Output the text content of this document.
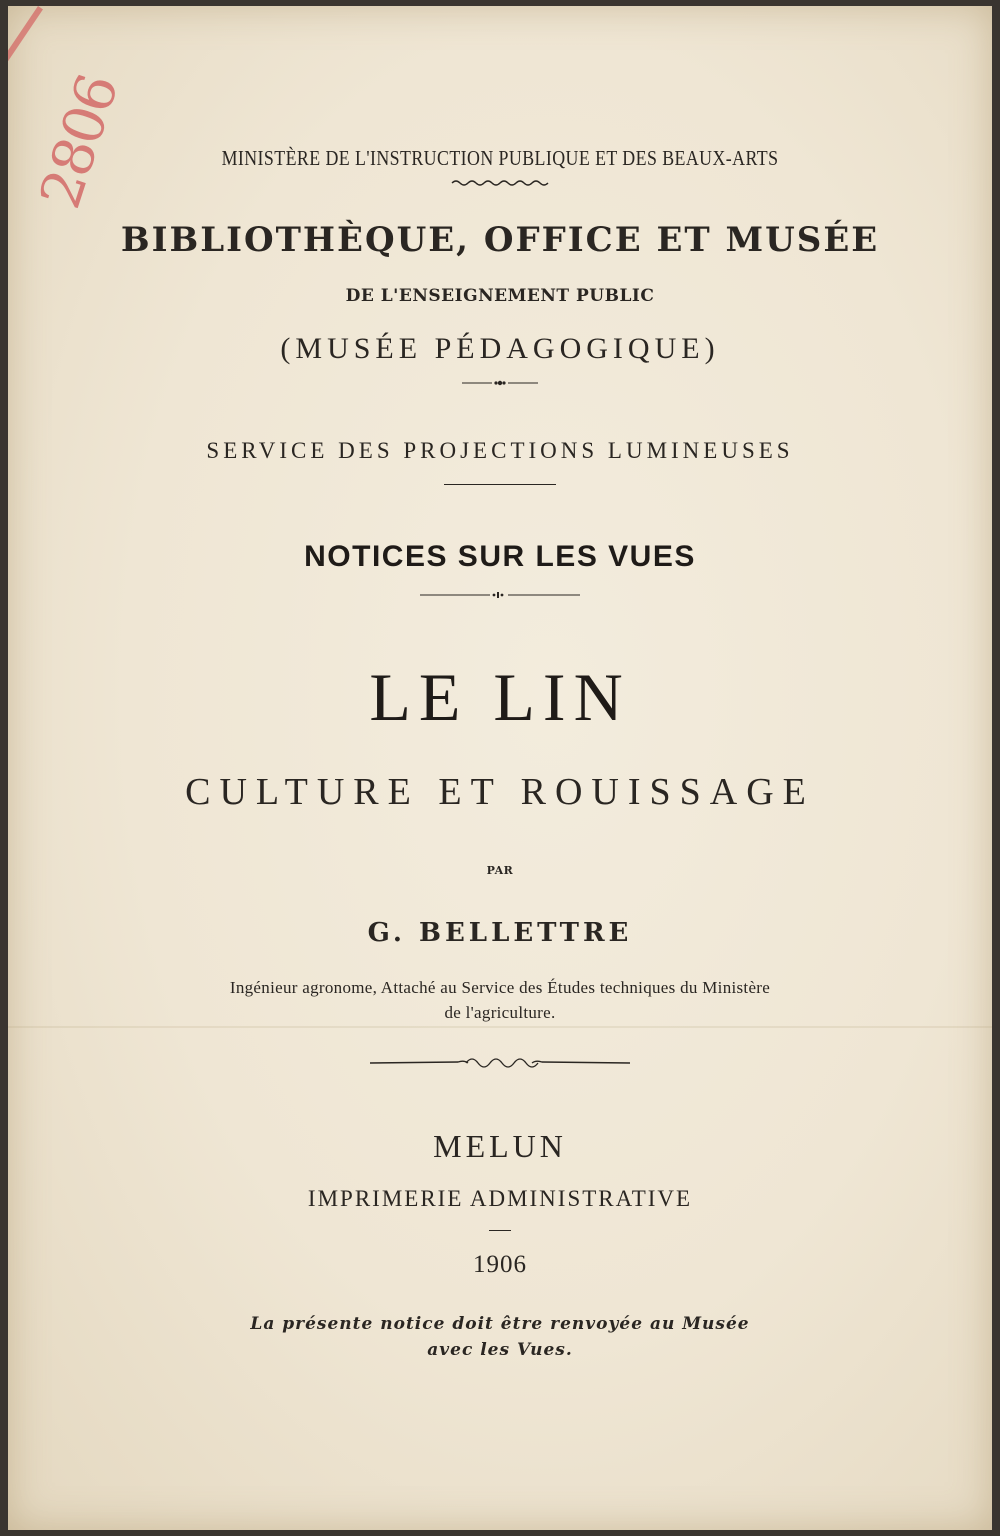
2806	MINISTÈRE DE L'INSTRUCTION PUBLIQUE ET DES BEAUX-ARTS
BIBLIOTHÈQUE, OFFICE ET MUSÉE
DE L'ENSEIGNEMENT PUBLIC
(MUSÉE PÉDAGOGIQUE)
SERVICE DES PROJECTIONS LUMINEUSES
NOTICES SUR LES VUES
LE LIN
CULTURE ET ROUISSAGE
PAR
G. BELLETTRE
Ingénieur agronome, Attaché au Service des Études techniques du Ministère
de l'agriculture.
MELUN
IMPRIMERIE ADMINISTRATIVE
1906
La présente notice doit être renvoyée au Musée
avec les Vues.
